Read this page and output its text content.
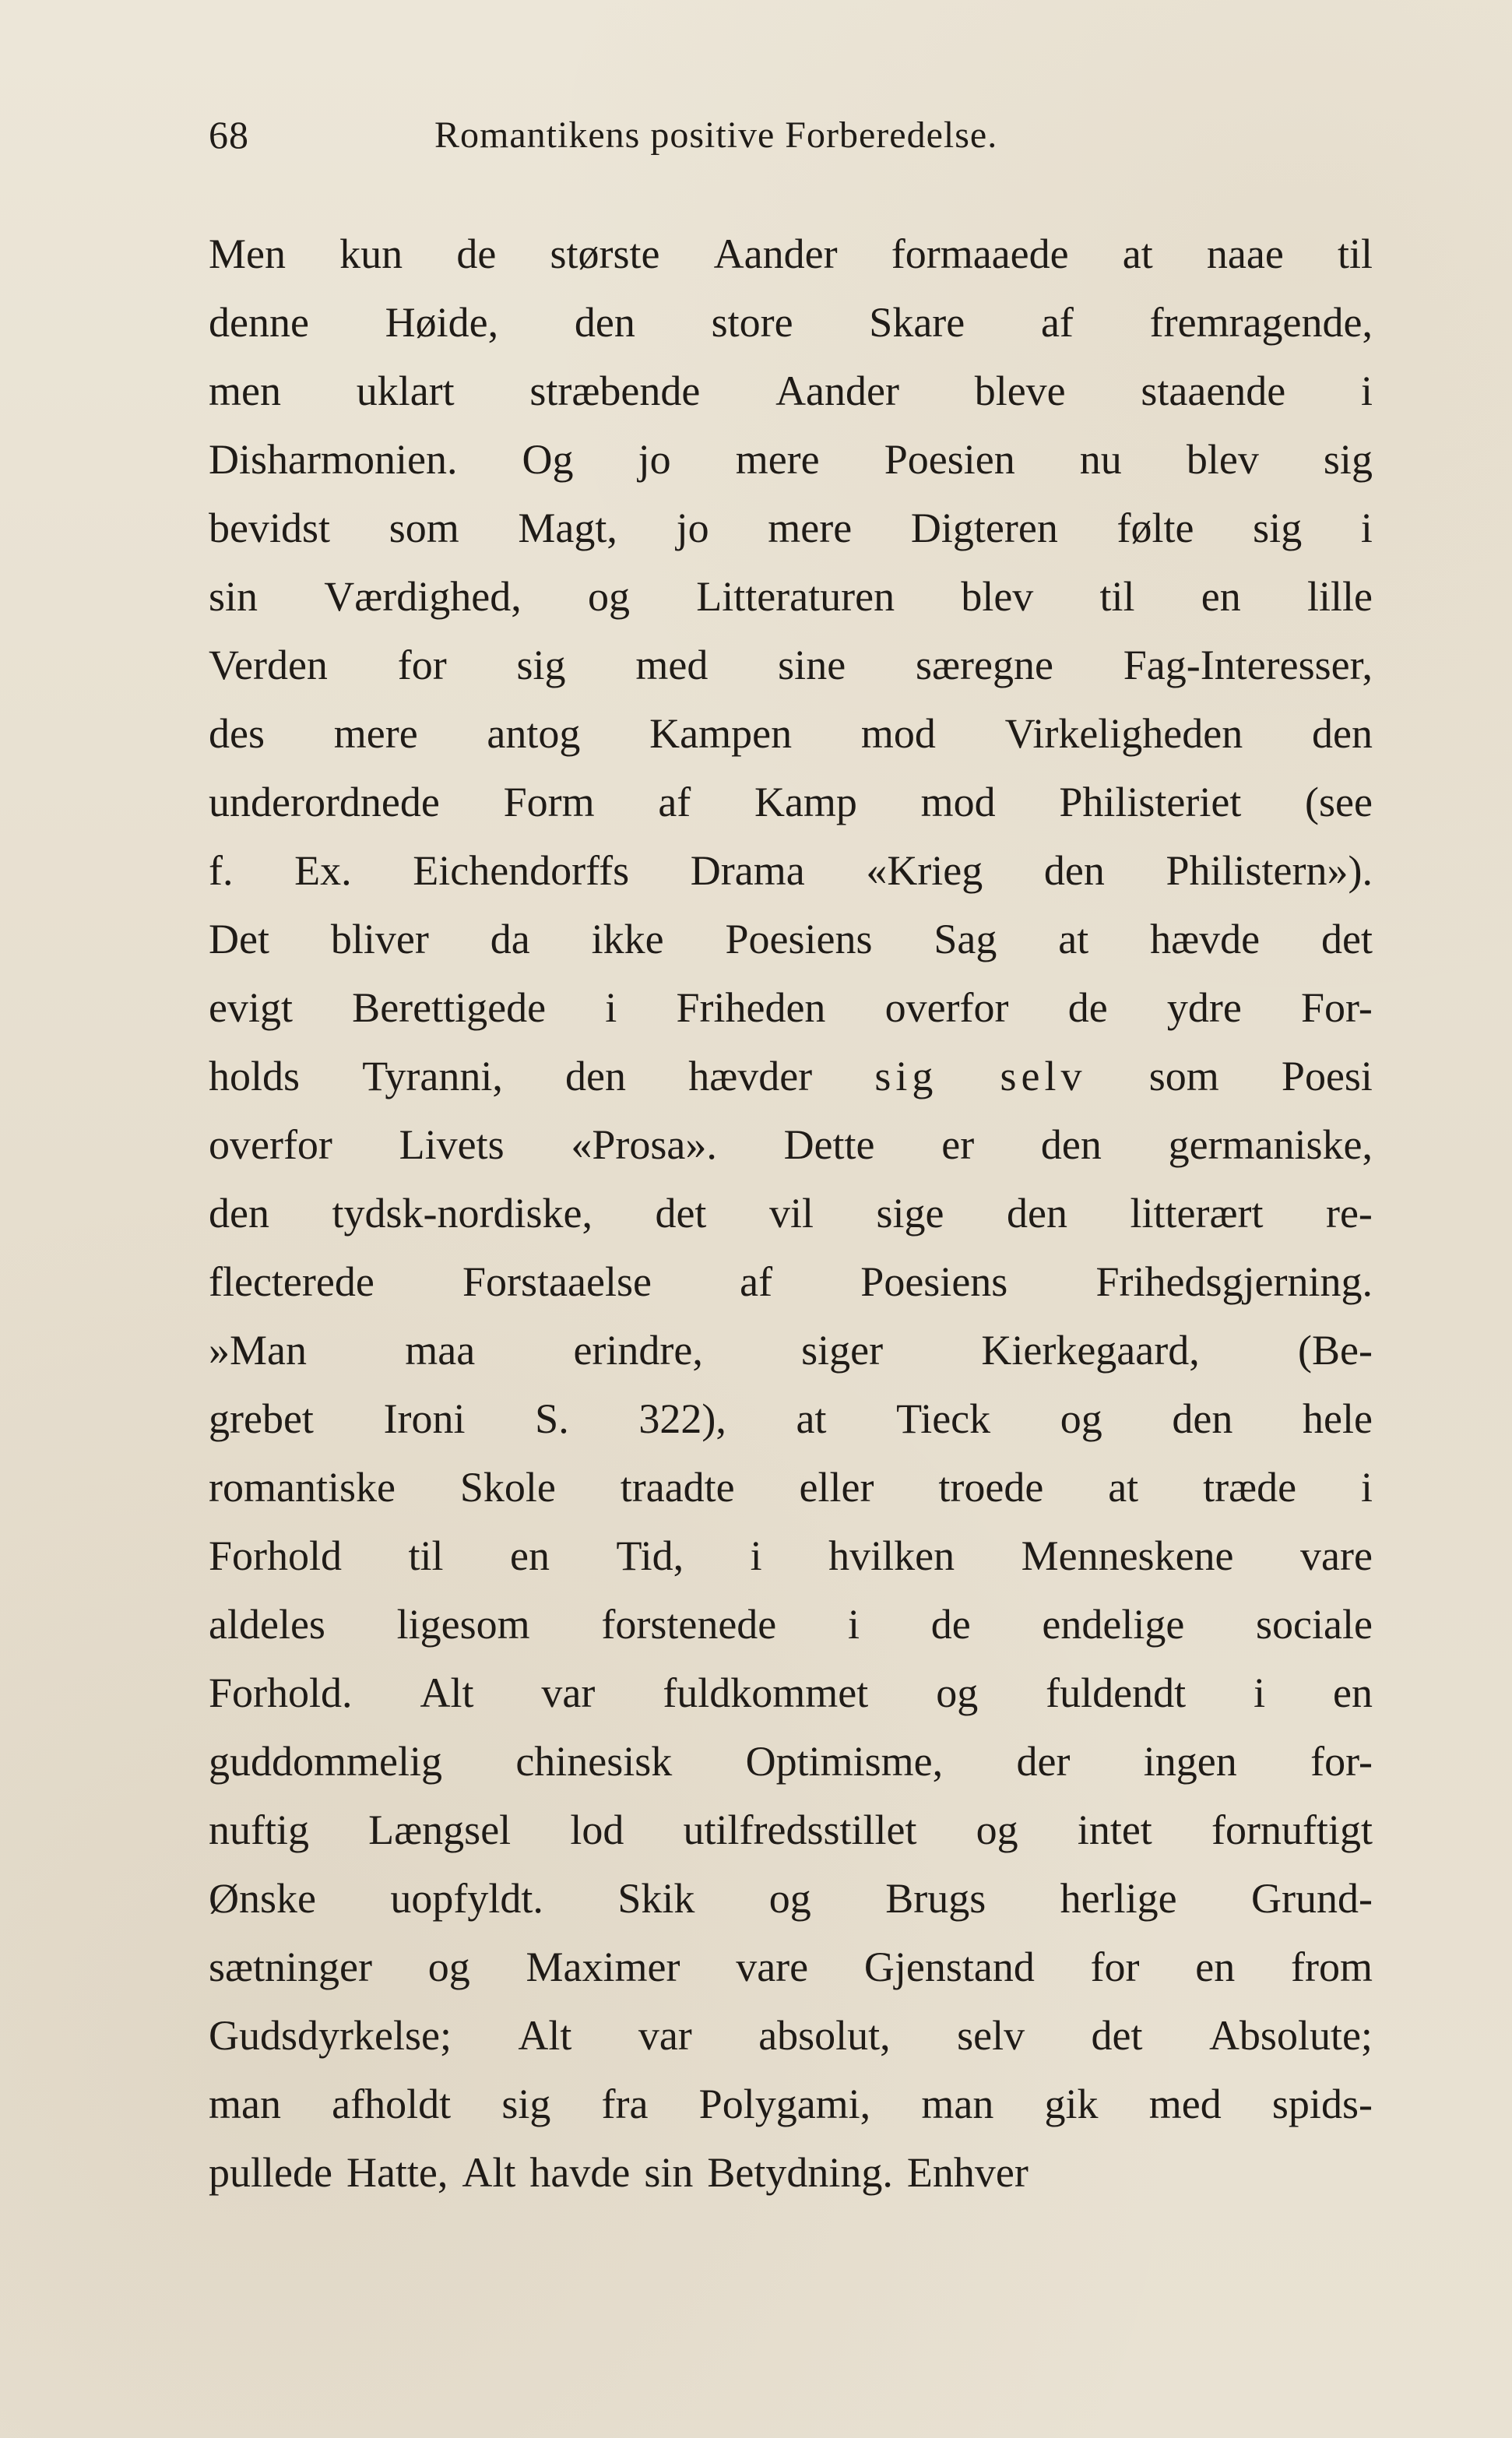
68	Romantikens positive Forberedelse.
Men kun de største Aander formaaede at naae til
denne Høide, den store Skare af fremragende,
men uklart stræbende Aander bleve staaende i
Disharmonien. Og jo mere Poesien nu blev sig
bevidst som Magt, jo mere Digteren følte sig i
sin Værdighed, og Litteraturen blev til en lille
Verden for sig med sine særegne Fag-Interesser,
des mere antog Kampen mod Virkeligheden den
underordnede Form af Kamp mod Philisteriet (see
f. Ex. Eichendorffs Drama «Krieg den Philistern»).
Det bliver da ikke Poesiens Sag at hævde det
evigt Berettigede i Friheden overfor de ydre For-
holds Tyranni, den hævder sig selv som Poesi
overfor Livets «Prosa». Dette er den germaniske,
den tydsk-nordiske, det vil sige den litterært re-
flecterede Forstaaelse af Poesiens Frihedsgjerning.
»Man maa erindre, siger Kierkegaard, (Be-
grebet Ironi S. 322), at Tieck og den hele
romantiske Skole traadte eller troede at træde i
Forhold til en Tid, i hvilken Menneskene vare
aldeles ligesom forstenede i de endelige sociale
Forhold. Alt var fuldkommet og fuldendt i en
guddommelig chinesisk Optimisme, der ingen for-
nuftig Længsel lod utilfredsstillet og intet fornuftigt
Ønske uopfyldt. Skik og Brugs herlige Grund-
sætninger og Maximer vare Gjenstand for en from
Gudsdyrkelse; Alt var absolut, selv det Absolute;
man afholdt sig fra Polygami, man gik med spids-
pullede Hatte, Alt havde sin Betydning. Enhver
